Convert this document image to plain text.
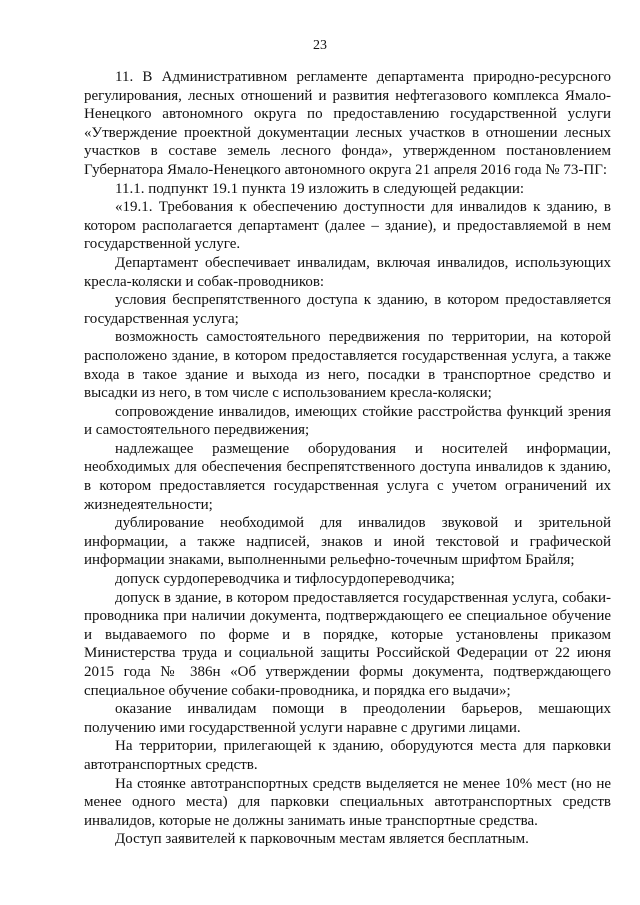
23

11. В Административном регламенте департамента природно-ресурсного регулирования, лесных отношений и развития нефтегазового комплекса Ямало-Ненецкого автономного округа по предоставлению государственной услуги «Утверждение проектной документации лесных участков в отношении лесных участков в составе земель лесного фонда», утвержденном постановлением Губернатора Ямало-Ненецкого автономного округа 21 апреля 2016 года № 73-ПГ:

11.1. подпункт 19.1 пункта 19 изложить в следующей редакции:

«19.1. Требования к обеспечению доступности для инвалидов к зданию, в котором располагается департамент (далее – здание), и предоставляемой в нем государственной услуге.

Департамент обеспечивает инвалидам, включая инвалидов, использующих кресла-коляски и собак-проводников:

условия беспрепятственного доступа к зданию, в котором предоставляется государственная услуга;

возможность самостоятельного передвижения по территории, на которой расположено здание, в котором предоставляется государственная услуга, а также входа в такое здание и выхода из него, посадки в транспортное средство и высадки из него, в том числе с использованием кресла-коляски;

сопровождение инвалидов, имеющих стойкие расстройства функций зрения и самостоятельного передвижения;

надлежащее размещение оборудования и носителей информации, необходимых для обеспечения беспрепятственного доступа инвалидов к зданию, в котором предоставляется государственная услуга с учетом ограничений их жизнедеятельности;

дублирование необходимой для инвалидов звуковой и зрительной информации, а также надписей, знаков и иной текстовой и графической информации знаками, выполненными рельефно-точечным шрифтом Брайля;

допуск сурдопереводчика и тифлосурдопереводчика;

допуск в здание, в котором предоставляется государственная услуга, собаки-проводника при наличии документа, подтверждающего ее специальное обучение и выдаваемого по форме и в порядке, которые установлены приказом Министерства труда и социальной защиты Российской Федерации от 22 июня 2015 года № 386н «Об утверждении формы документа, подтверждающего специальное обучение собаки-проводника, и порядка его выдачи»;

оказание инвалидам помощи в преодолении барьеров, мешающих получению ими государственной услуги наравне с другими лицами.

На территории, прилегающей к зданию, оборудуются места для парковки автотранспортных средств.

На стоянке автотранспортных средств выделяется не менее 10% мест (но не менее одного места) для парковки специальных автотранспортных средств инвалидов, которые не должны занимать иные транспортные средства.

Доступ заявителей к парковочным местам является бесплатным.
